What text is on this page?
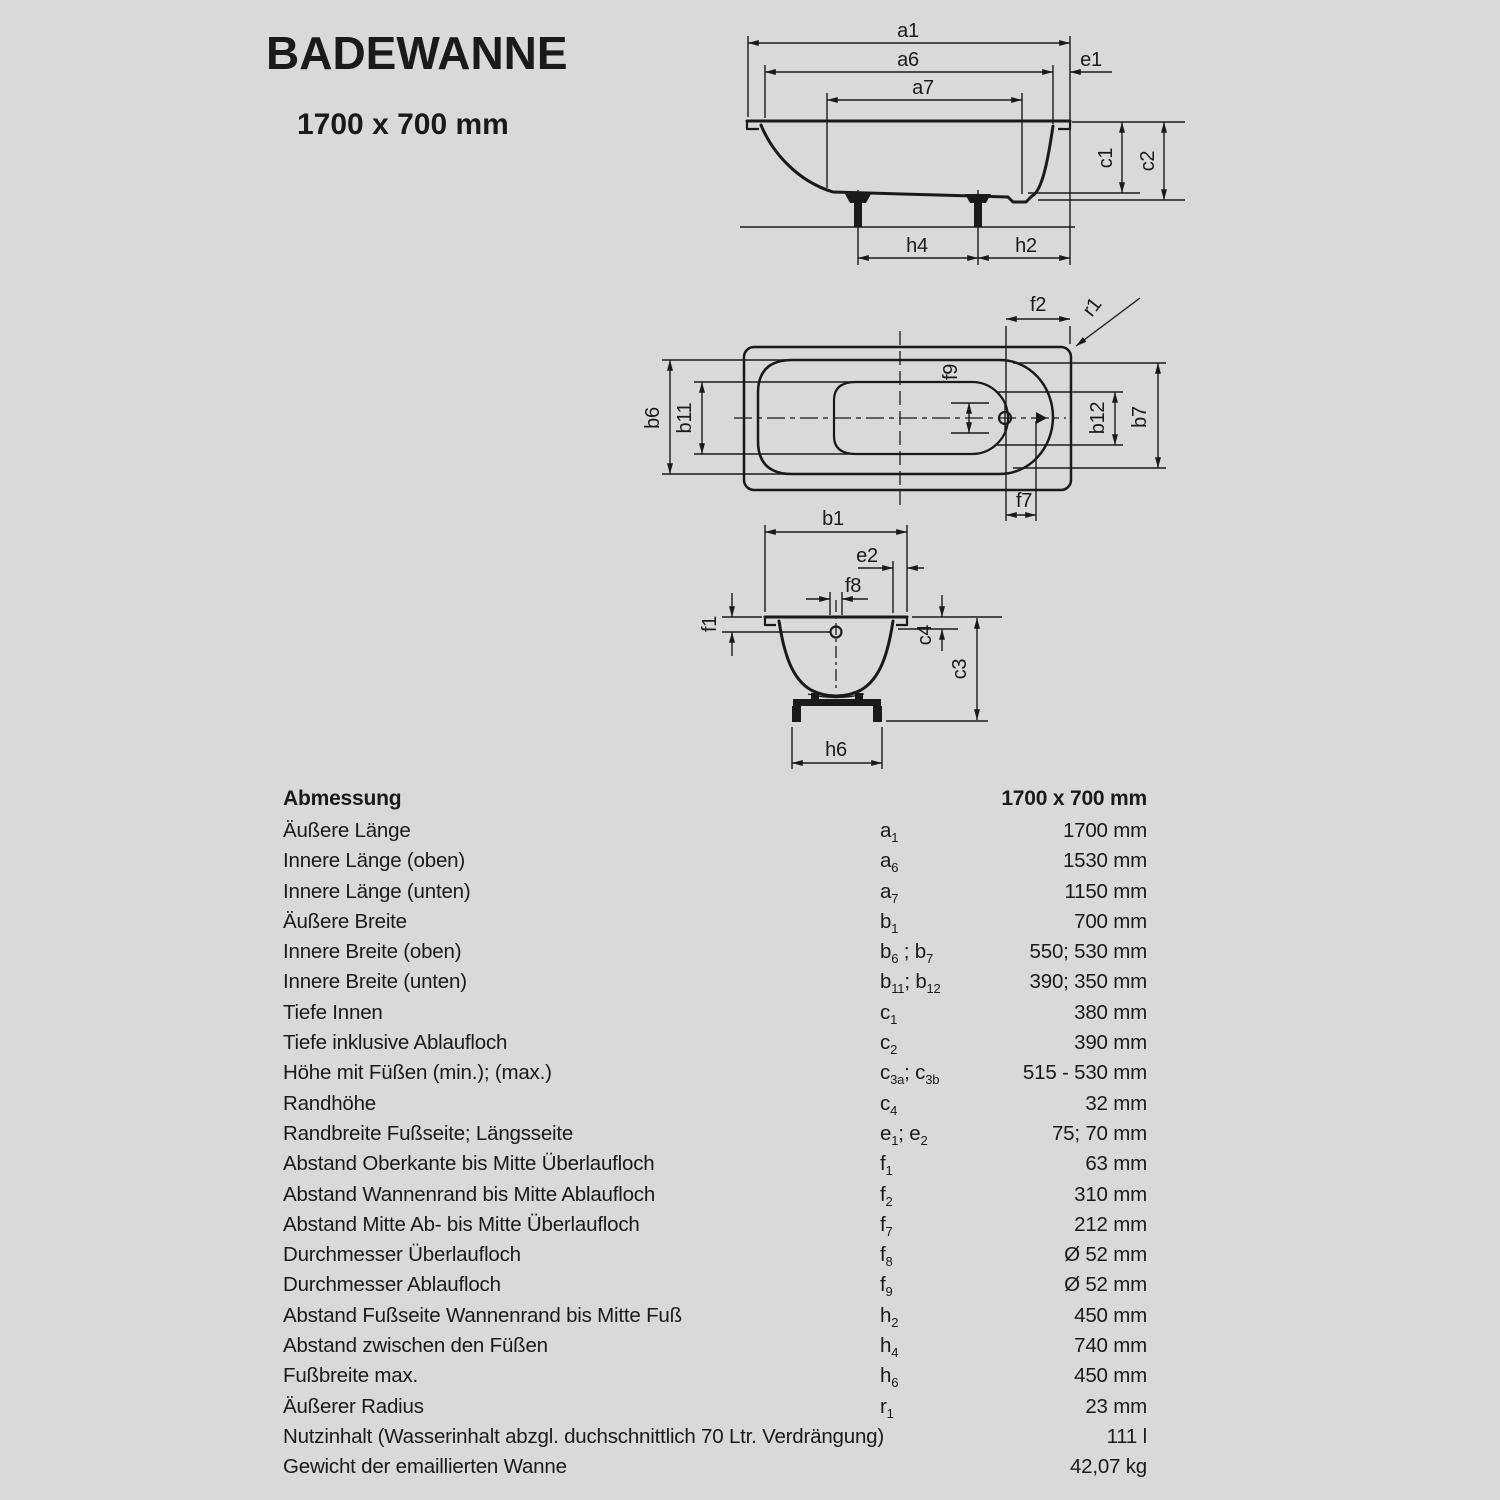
BADEWANNE
1700 x 700 mm
a1
a6	e1
a7
h4	h2
c1 c2
f9
f2 r1
b6 b11	b12 b7
f7
b1
e2
f8
f1
c4
c3
h6
Abmessung	1700 x 700 mm
Äußere Länge	$a_1$	1700 mm
Innere Länge (oben)	$a_6$	1530 mm
Innere Länge (unten)	$a_7$	1150 mm
Äußere Breite	$b_1$	700 mm
Innere Breite (oben)	$b_6$ ; $b_7$	550; 530 mm
Innere Breite (unten)	$b_{11}$; $b_{12}$	390; 350 mm
Tiefe Innen	$c_1$	380 mm
Tiefe inklusive Ablaufloch	$c_2$	390 mm
Höhe mit Füßen (min.); (max.)	$c_{3a}$; $c_{3b}$	515 - 530 mm
Randhöhe	$c_4$	32 mm
Randbreite Fußseite; Längsseite	$e_1$; $e_2$	75; 70 mm
Abstand Oberkante bis Mitte Überlaufloch	$f_1$	63 mm
Abstand Wannenrand bis Mitte Ablaufloch	$f_2$	310 mm
Abstand Mitte Ab- bis Mitte Überlaufloch	$f_7$	212 mm
Durchmesser Überlaufloch	$f_8$	Ø 52 mm
Durchmesser Ablaufloch	$f_9$	Ø 52 mm
Abstand Fußseite Wannenrand bis Mitte Fuß	$h_2$	450 mm
Abstand zwischen den Füßen	$h_4$	740 mm
Fußbreite max.	$h_6$	450 mm
Äußerer Radius	$r_1$	23 mm
Nutzinhalt (Wasserinhalt abzgl. duchschnittlich 70 Ltr. Verdrängung)	111 l
Gewicht der emaillierten Wanne	42,07 kg
